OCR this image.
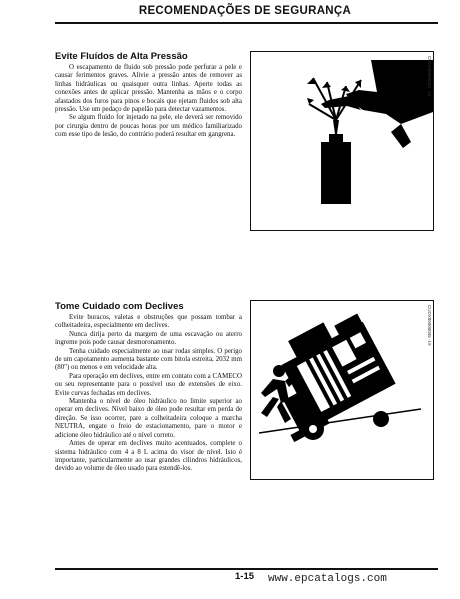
RECOMENDAÇÕES DE SEGURANÇA
Evite Fluídos de Alta Pressão

O escapamento de fluido sob pressão pode perfurar a pele e causar ferimentos graves. Alivie a pressão antes de remover as linhas hidráulicas ou quaisquer outra linhas. Aperte todas as conexões antes de aplicar pressão. Mantenha as mãos e o corpo afastados dos furos para pinos e bocais que ejetam fluidos sob alta pressão. Use um pedaço de papelão para detectar vazamentos.

Se algum fluido for injetado na pele, ele deverá ser removido por cirurgia dentro de poucas horas por um médico familiarizado com esse tipo de lesão, do contrário poderá resultar em gangrena.

CUDX86000031 -19
Tome Cuidado com Declives

Evite buracos, valetas e obstruções que possam tombar a colheitadeira, especialmente em declives.

Nunca dirija perto da margem de uma escavação ou aterro íngreme pois pode causar desmoronamento.

Tenha cuidado especialmente ao usar rodas simples. O perigo de um capotamento aumenta bastante com bitola estreita, 2032 mm (80") ou menos e em velocidade alta.

Para operação em declives, entre em contato com a CAMECO ou seu representante para o possível uso de extensões de eixo. Evite curvas fechadas em declives.

Mantenha o nível de óleo hidráulico no limite superior ao operar em declives. Nível baixo de óleo pode resultar em perda de direção. Se isso ocorrer, pare a colheitadeira coloque a marcha NEUTRA, engate o freio de estacionamento, pare o motor e adicione óleo hidráulico até o nível correto.

Antes de operar em declives muito acentuados, complete o sistema hidráulico com 4 a 8 L acima do visor de nível. Isto é importante, particularmente ao usar grandes cilindros hidráulicos, devido ao volume de óleo usado para estendê-los.

CUDX86000045 -19
1-15 www.epcatalogs.com
